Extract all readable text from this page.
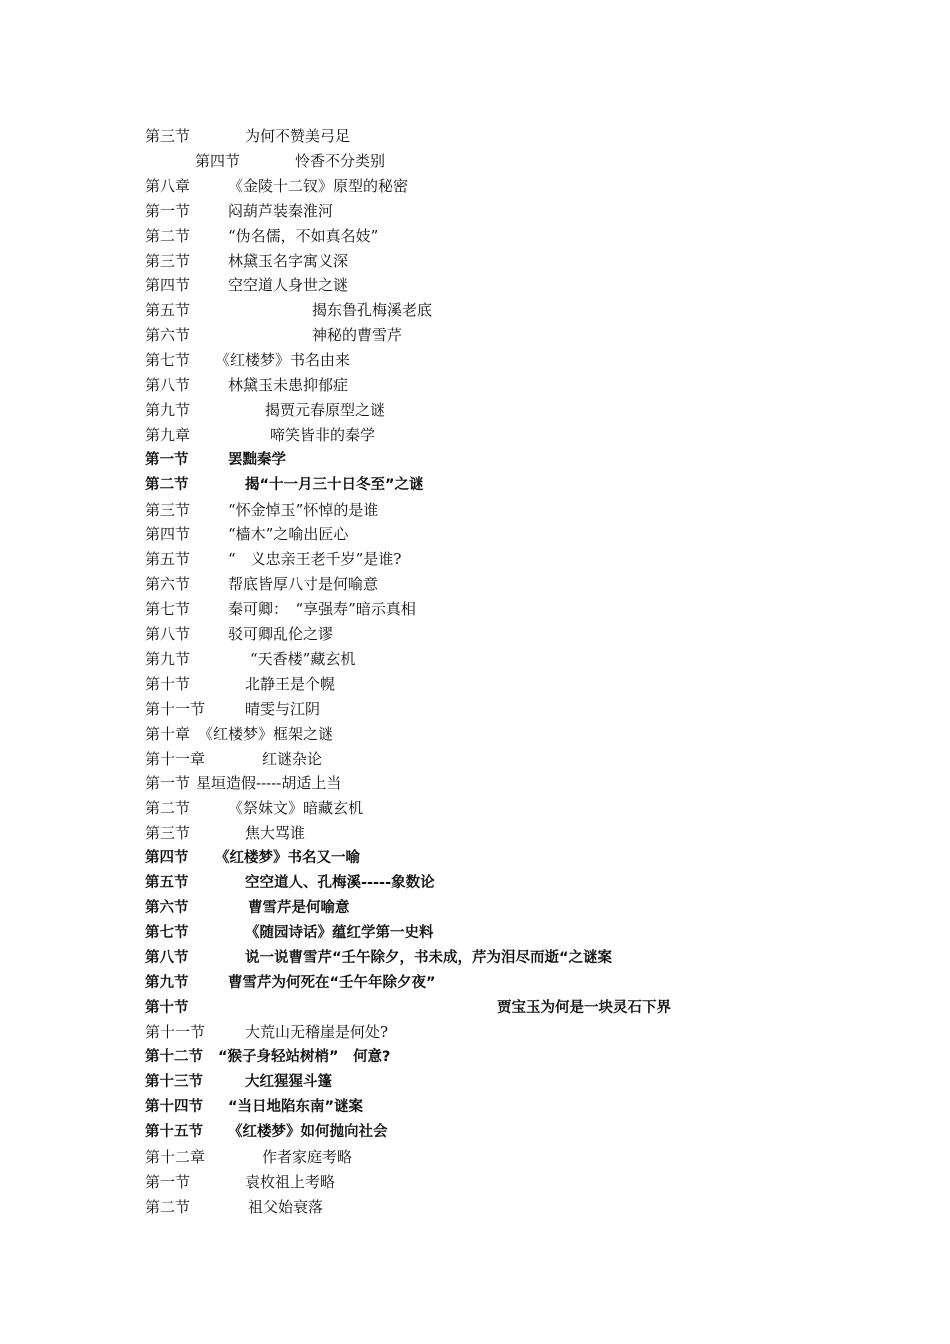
第三节	为何不赞美弓足
第四节	怜香不分类别
第八章	《金陵十二钗》原型的秘密
第一节	闷葫芦装秦淮河
第二节	“伪名儒，不如真名妓”
第三节	林黛玉名字寓义深
第四节	空空道人身世之谜
第五节	揭东鲁孔梅溪老底
第六节	神秘的曹雪芹
第七节 《红楼梦》书名由来
第八节	林黛玉未患抑郁症
第九节	揭贾元春原型之谜
第九章	啼笑皆非的秦学
第一节	罢黜秦学
第二节	揭“十一月三十日冬至”之谜
第三节	“怀金悼玉”怀悼的是谁
第四节	“樯木”之喻出匠心
第五节	“　义忠亲王老千岁”是谁?
第六节	帮底皆厚八寸是何喻意
第七节	秦可卿：　“享强寿”暗示真相
第八节	驳可卿乱伦之谬
第九节	“天香楼”藏玄机
第十节	北静王是个幌
第十一节	晴雯与江阴
第十章 《红楼梦》框架之谜
第十一章	红谜杂论
第一节 星垣造假-----胡适上当
第二节	《祭妹文》暗藏玄机
第三节	焦大骂谁
第四节 《红楼梦》书名又一喻
第五节	空空道人、孔梅溪-----象数论
第六节	曹雪芹是何喻意
第七节	《随园诗话》蕴红学第一史料
第八节	说一说曹雪芹“壬午除夕，书未成，芹为泪尽而逝“之谜案
第九节	曹雪芹为何死在“壬午年除夕夜”
第十节	贾宝玉为何是一块灵石下界
第十一节	大荒山无稽崖是何处?
第十二节 “猴子身轻站树梢”　何意?
第十三节	大红猩猩斗篷
第十四节 “当日地陷东南”谜案
第十五节 《红楼梦》如何抛向社会
第十二章	作者家庭考略
第一节	袁枚祖上考略
第二节	祖父始衰落
